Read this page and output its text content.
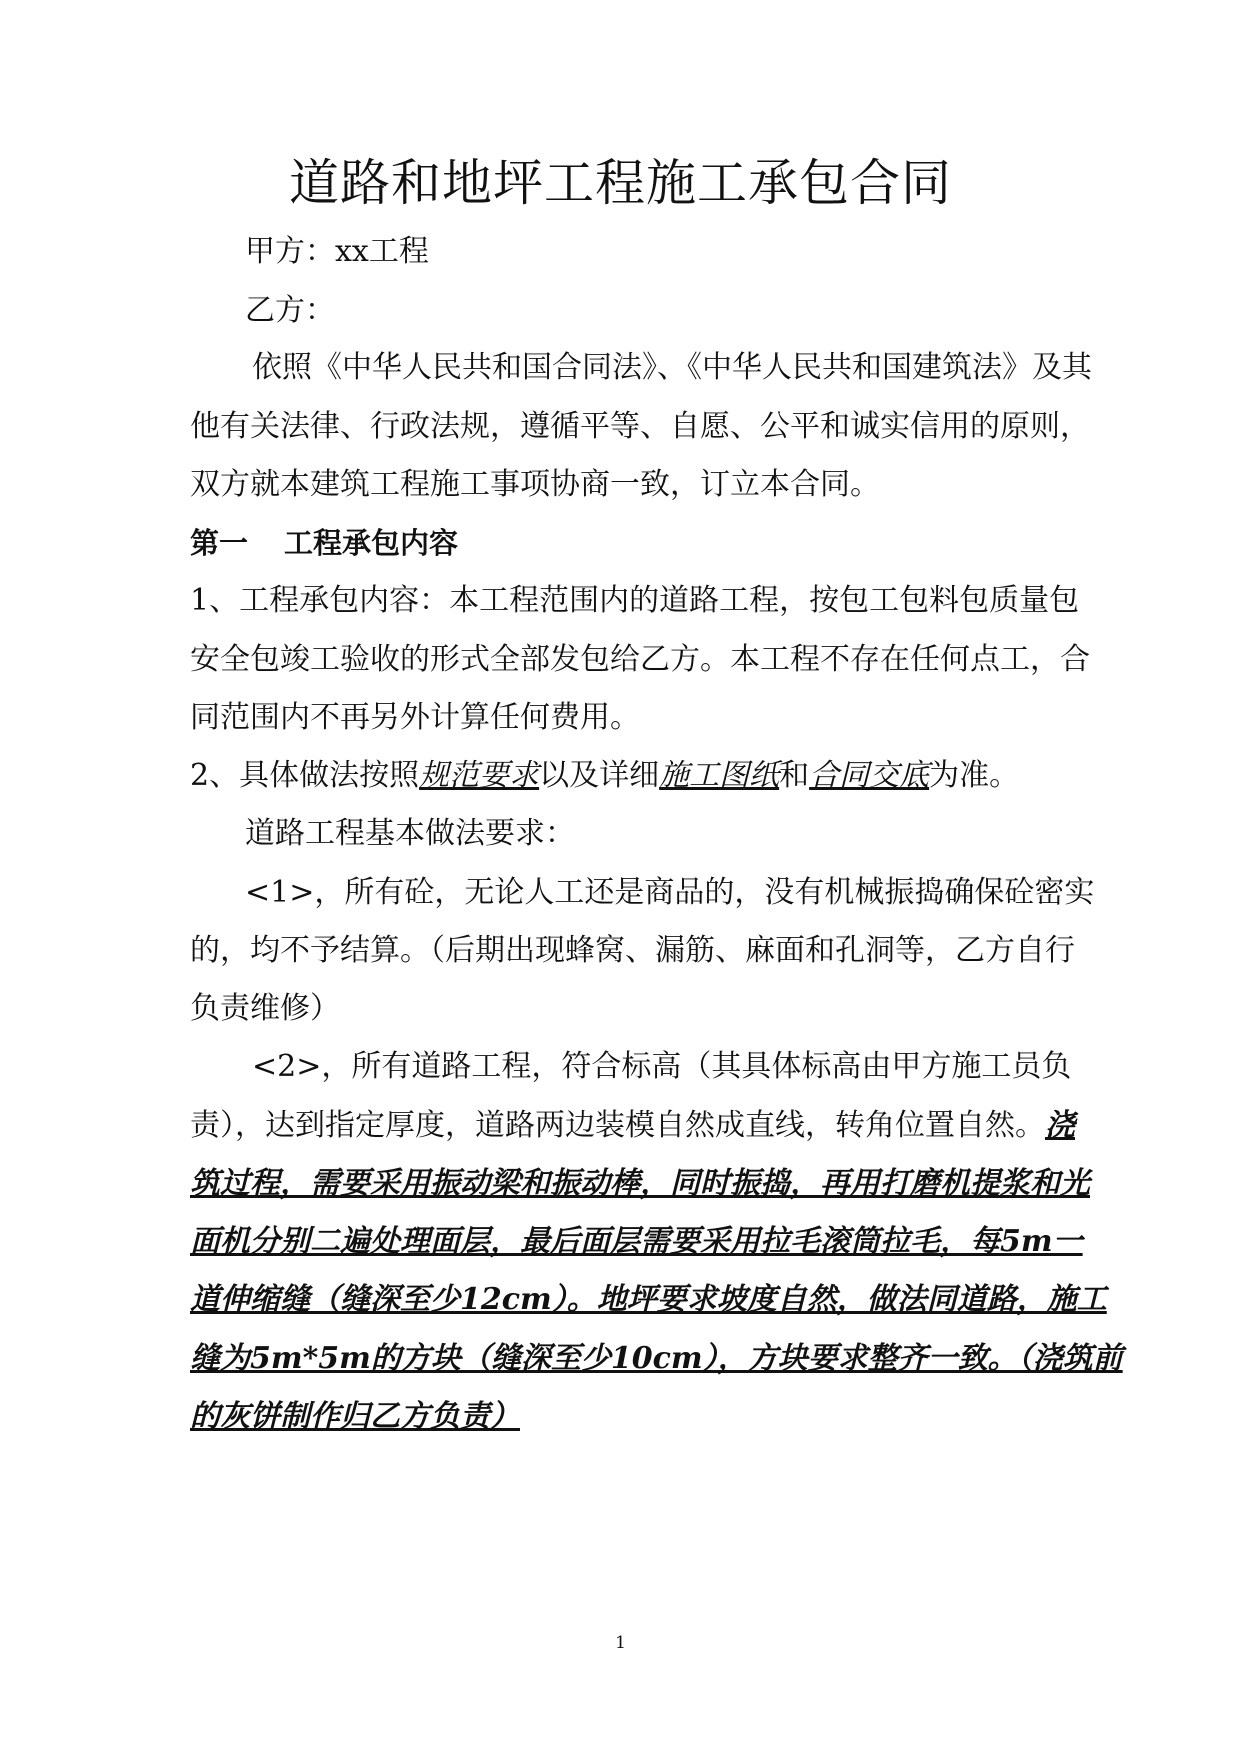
道路和地坪工程施工承包合同
甲方：xx工程
乙方：
依照《中华人民共和国合同法》、《中华人民共和国建筑法》及其
他有关法律、行政法规，遵循平等、自愿、公平和诚实信用的原则，
双方就本建筑工程施工事项协商一致，订立本合同。
第一 工程承包内容
1、工程承包内容：本工程范围内的道路工程，按包工包料包质量包
安全包竣工验收的形式全部发包给乙方。本工程不存在任何点工，合
同范围内不再另外计算任何费用。
2、具体做法按照规范要求以及详细施工图纸和合同交底为准。
道路工程基本做法要求：
<1>，所有砼，无论人工还是商品的，没有机械振捣确保砼密实
的，均不予结算。（后期出现蜂窝、漏筋、麻面和孔洞等，乙方自行
负责维修）
<2>，所有道路工程，符合标高（其具体标高由甲方施工员负
责），达到指定厚度，道路两边装模自然成直线，转角位置自然。浇
筑过程，需要采用振动梁和振动棒，同时振捣，再用打磨机提浆和光
面机分别二遍处理面层，最后面层需要采用拉毛滚筒拉毛，每5m一
道伸缩缝（缝深至少12cm）。地坪要求坡度自然，做法同道路，施工
缝为5m*5m的方块（缝深至少10cm），方块要求整齐一致。（浇筑前
的灰饼制作归乙方负责）
1
